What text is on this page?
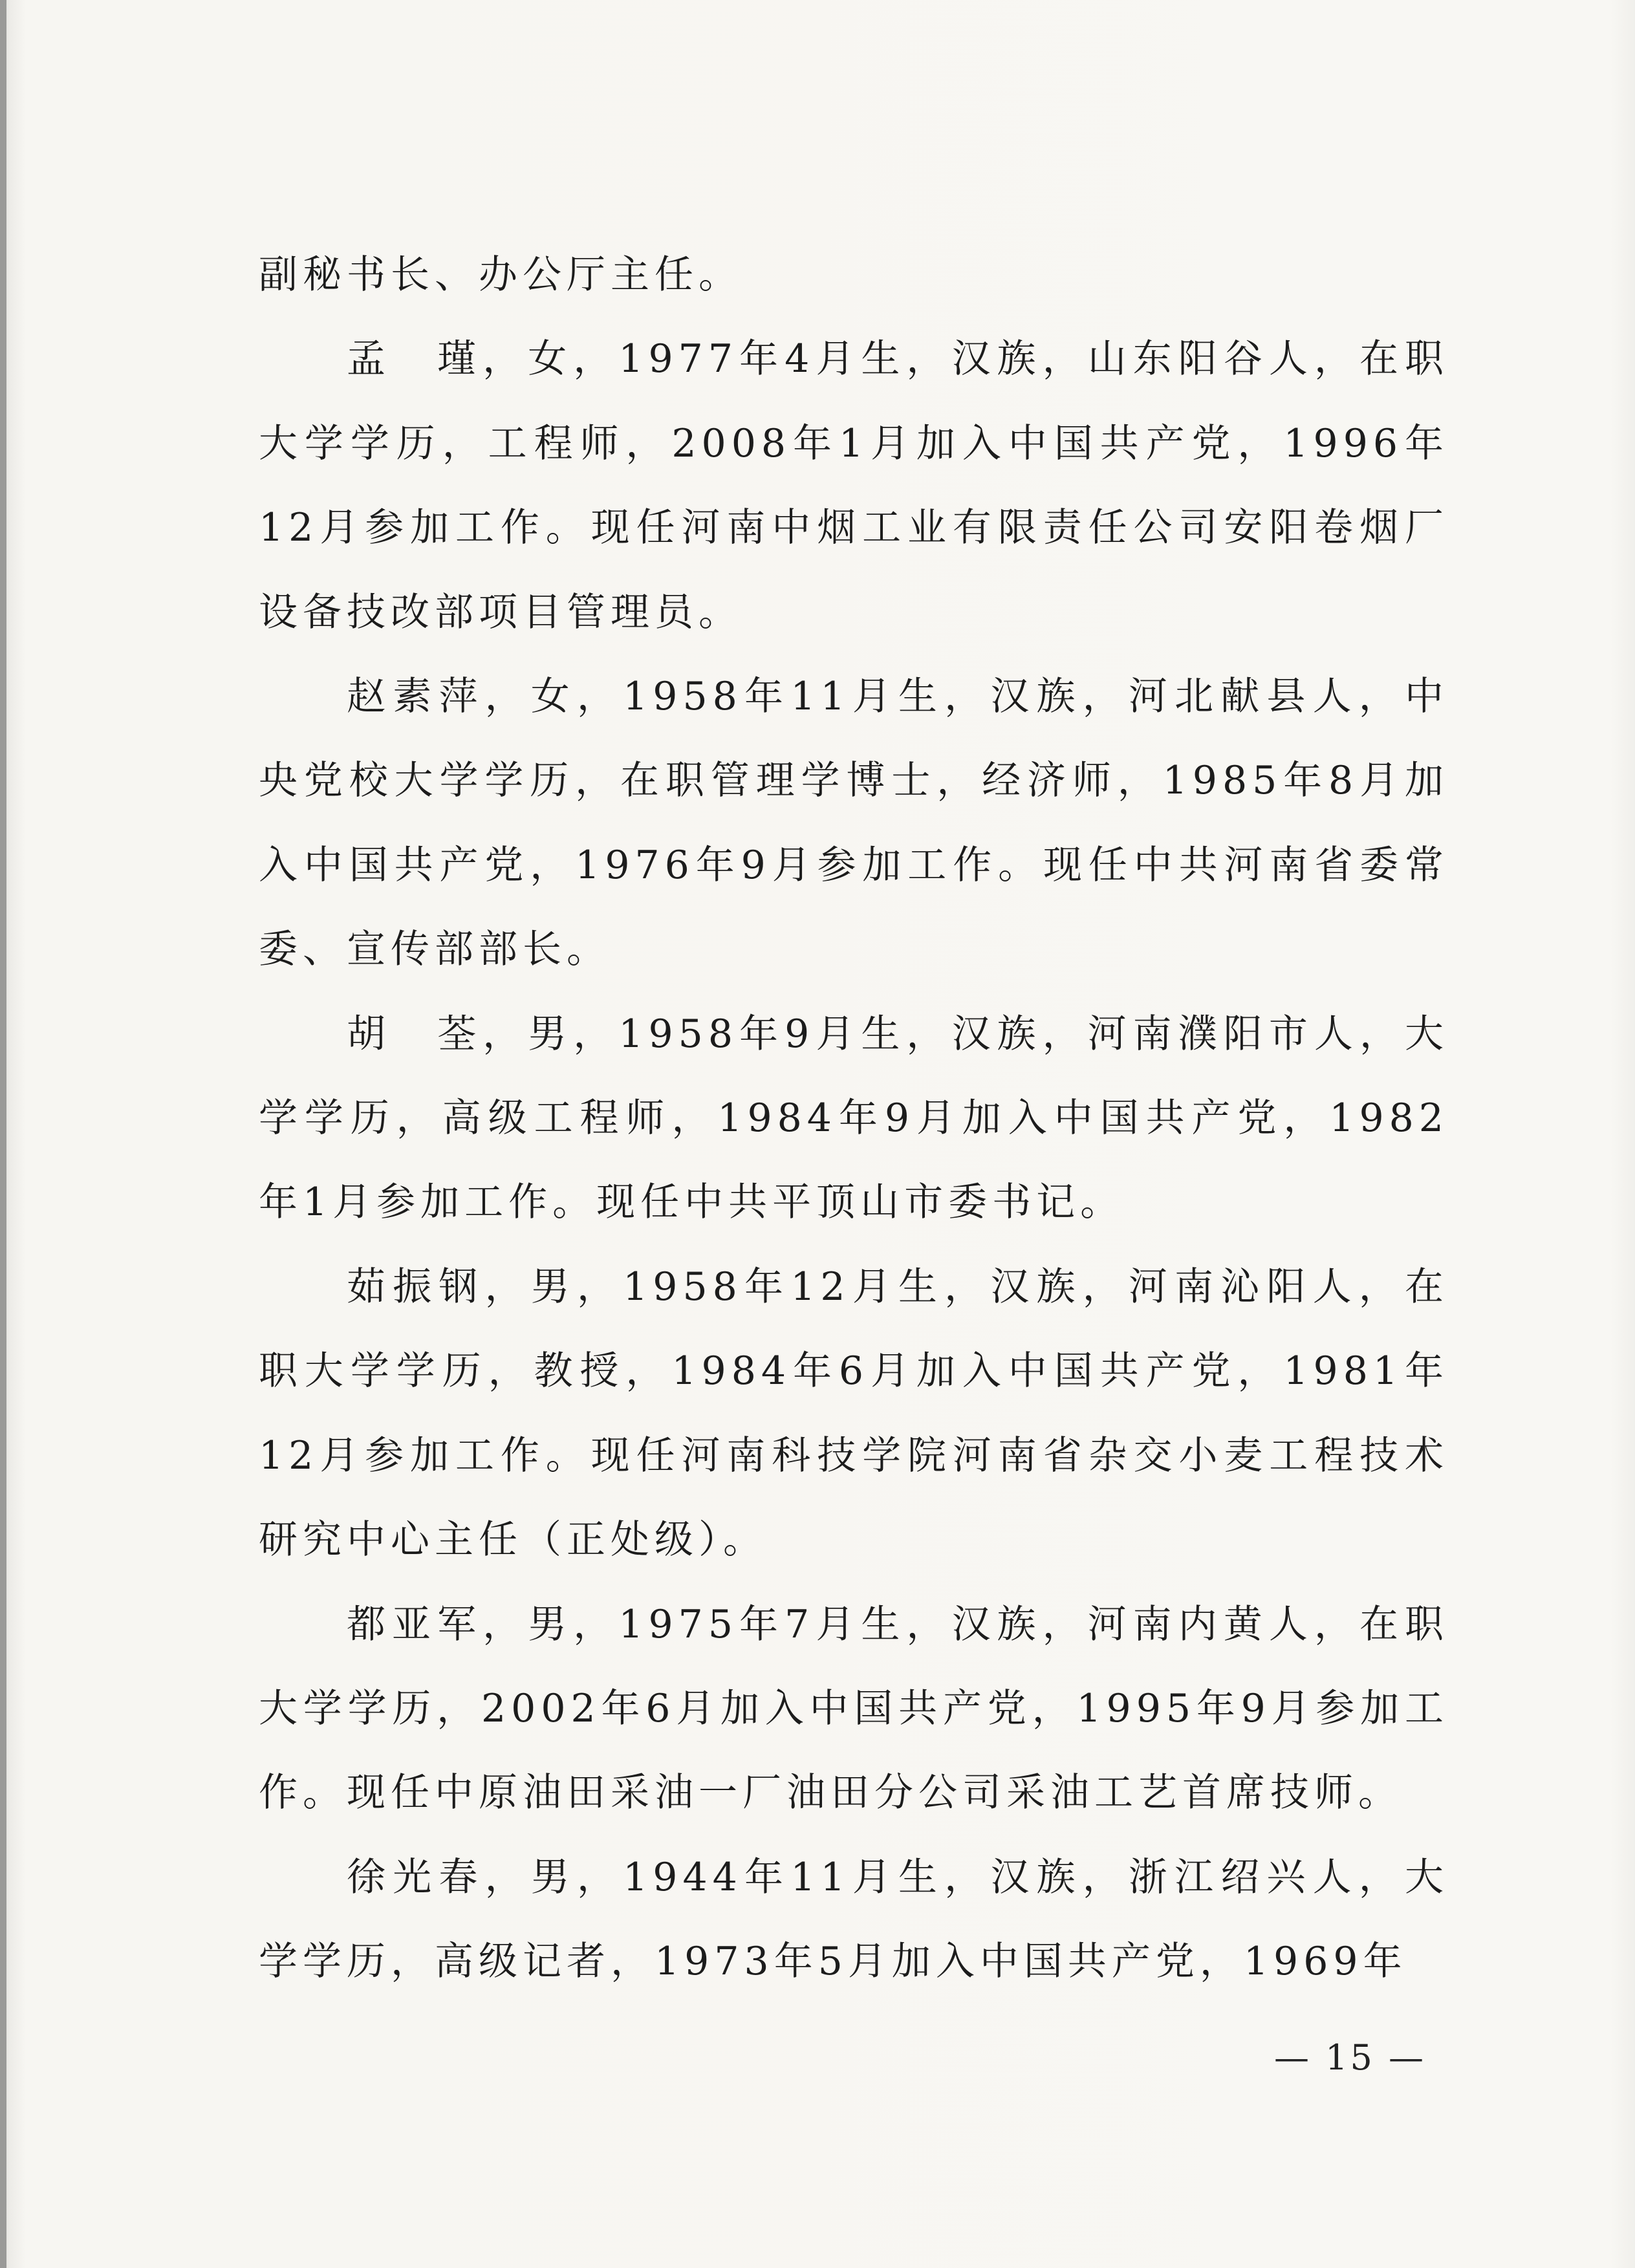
副秘书长、办公厅主任。

孟　瑾，女，1977年4月生，汉族，山东阳谷人，在职大学学历，工程师，2008年1月加入中国共产党，1996年12月参加工作。现任河南中烟工业有限责任公司安阳卷烟厂设备技改部项目管理员。

赵素萍，女，1958年11月生，汉族，河北献县人，中央党校大学学历，在职管理学博士，经济师，1985年8月加入中国共产党，1976年9月参加工作。现任中共河南省委常委、宣传部部长。

胡　荃，男，1958年9月生，汉族，河南濮阳市人，大学学历，高级工程师，1984年9月加入中国共产党，1982年1月参加工作。现任中共平顶山市委书记。

茹振钢，男，1958年12月生，汉族，河南沁阳人，在职大学学历，教授，1984年6月加入中国共产党，1981年12月参加工作。现任河南科技学院河南省杂交小麦工程技术研究中心主任（正处级）。

都亚军，男，1975年7月生，汉族，河南内黄人，在职大学学历，2002年6月加入中国共产党，1995年9月参加工作。现任中原油田采油一厂油田分公司采油工艺首席技师。

徐光春，男，1944年11月生，汉族，浙江绍兴人，大学学历，高级记者，1973年5月加入中国共产党，1969年

— 15 —
